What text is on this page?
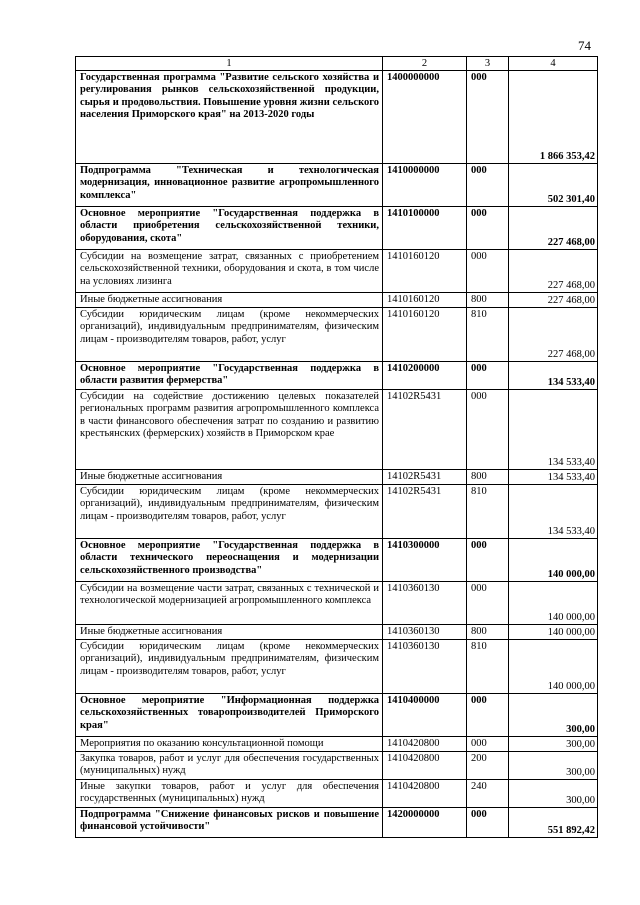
74
1	2	3	4
Государственная программа "Развитие сельского хозяйства и регулирования рынков сельскохозяйственной продукции, сырья и продовольствия. Повышение уровня жизни сельского населения Приморского края" на 2013-2020 годы	1400000000	000	1 866 353,42
Подпрограмма "Техническая и технологическая модернизация, инновационное развитие агропромышленного комплекса"	1410000000	000	502 301,40
Основное мероприятие "Государственная поддержка в области приобретения сельскохозяйственной техники, оборудования, скота"	1410100000	000	227 468,00
Субсидии на возмещение затрат, связанных с приобретением сельскохозяйственной техники, оборудования и скота, в том числе на условиях лизинга	1410160120	000	227 468,00
Иные бюджетные ассигнования	1410160120	800	227 468,00
Субсидии юридическим лицам (кроме некоммерческих организаций), индивидуальным предпринимателям, физическим лицам - производителям товаров, работ, услуг	1410160120	810	227 468,00
Основное мероприятие "Государственная поддержка в области развития фермерства"	1410200000	000	134 533,40
Субсидии на содействие достижению целевых показателей региональных программ развития агропромышленного комплекса в части финансового обеспечения затрат по созданию и развитию крестьянских (фермерских) хозяйств в Приморском крае	14102R5431	000	134 533,40
Иные бюджетные ассигнования	14102R5431	800	134 533,40
Субсидии юридическим лицам (кроме некоммерческих организаций), индивидуальным предпринимателям, физическим лицам - производителям товаров, работ, услуг	14102R5431	810	134 533,40
Основное мероприятие "Государственная поддержка в области технического переоснащения и модернизации сельскохозяйственного производства"	1410300000	000	140 000,00
Субсидии на возмещение части затрат, связанных с технической и технологической модернизацией агропромышленного комплекса	1410360130	000	140 000,00
Иные бюджетные ассигнования	1410360130	800	140 000,00
Субсидии юридическим лицам (кроме некоммерческих организаций), индивидуальным предпринимателям, физическим лицам - производителям товаров, работ, услуг	1410360130	810	140 000,00
Основное мероприятие "Информационная поддержка сельскохозяйственных товаропроизводителей Приморского края"	1410400000	000	300,00
Мероприятия по оказанию консультационной помощи	1410420800	000	300,00
Закупка товаров, работ и услуг для обеспечения государственных (муниципальных) нужд	1410420800	200	300,00
Иные закупки товаров, работ и услуг для обеспечения государственных (муниципальных) нужд	1410420800	240	300,00
Подпрограмма "Снижение финансовых рисков и повышение финансовой устойчивости"	1420000000	000	551 892,42
